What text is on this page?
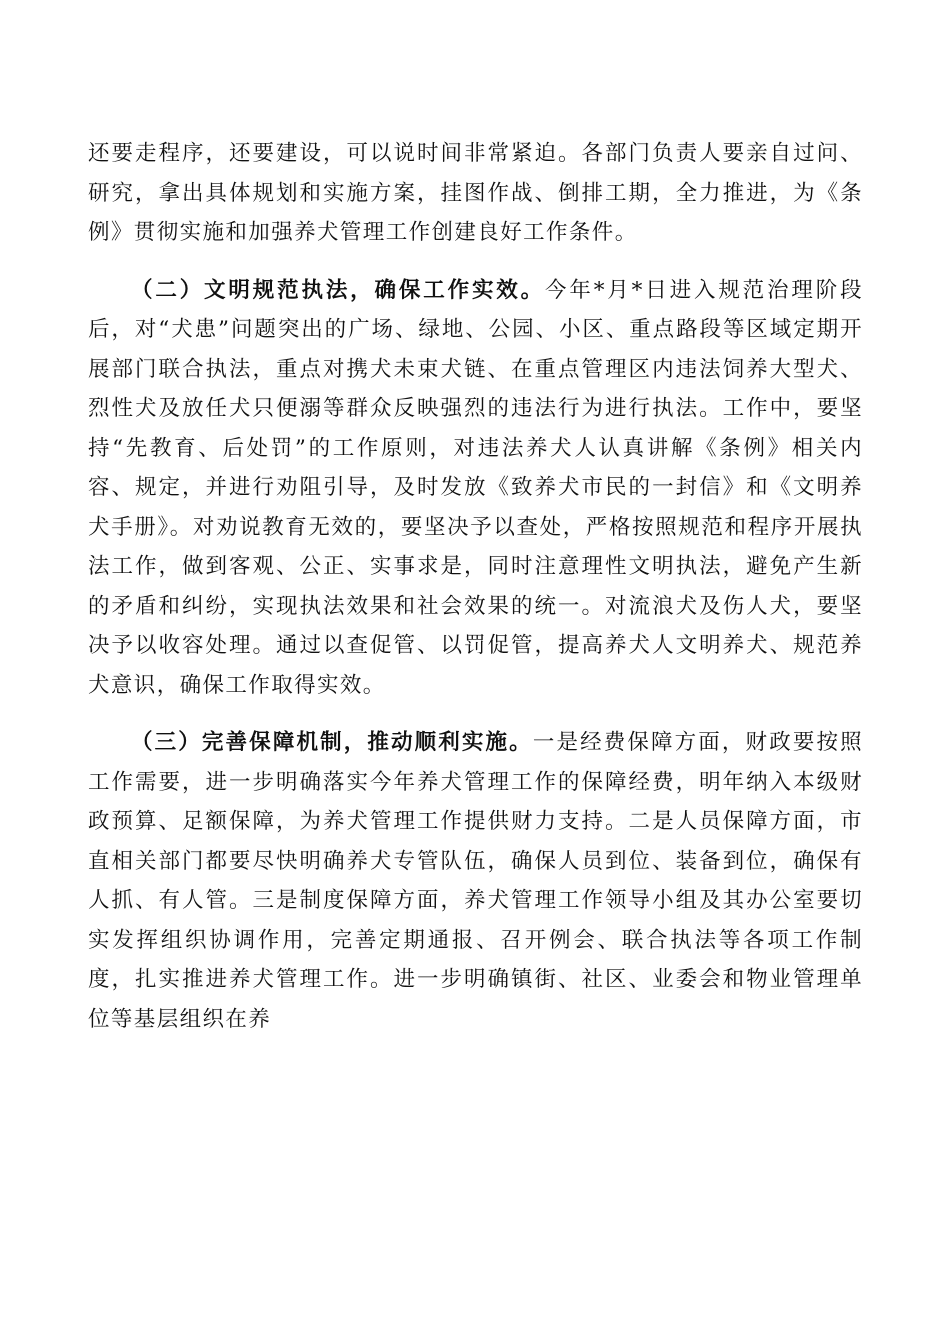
还要走程序，还要建设，可以说时间非常紧迫。各部门负责人要亲自过问、研究，拿出具体规划和实施方案，挂图作战、倒排工期，全力推进，为《条例》贯彻实施和加强养犬管理工作创建良好工作条件。

（二）文明规范执法，确保工作实效。今年*月*日进入规范治理阶段后，对“犬患”问题突出的广场、绿地、公园、小区、重点路段等区域定期开展部门联合执法，重点对携犬未束犬链、在重点管理区内违法饲养大型犬、烈性犬及放任犬只便溺等群众反映强烈的违法行为进行执法。工作中，要坚持“先教育、后处罚”的工作原则，对违法养犬人认真讲解《条例》相关内容、规定，并进行劝阻引导，及时发放《致养犬市民的一封信》和《文明养犬手册》。对劝说教育无效的，要坚决予以查处，严格按照规范和程序开展执法工作，做到客观、公正、实事求是，同时注意理性文明执法，避免产生新的矛盾和纠纷，实现执法效果和社会效果的统一。对流浪犬及伤人犬，要坚决予以收容处理。通过以查促管、以罚促管，提高养犬人文明养犬、规范养犬意识，确保工作取得实效。

（三）完善保障机制，推动顺利实施。一是经费保障方面，财政要按照工作需要，进一步明确落实今年养犬管理工作的保障经费，明年纳入本级财政预算、足额保障，为养犬管理工作提供财力支持。二是人员保障方面，市直相关部门都要尽快明确养犬专管队伍，确保人员到位、装备到位，确保有人抓、有人管。三是制度保障方面，养犬管理工作领导小组及其办公室要切实发挥组织协调作用，完善定期通报、召开例会、联合执法等各项工作制度，扎实推进养犬管理工作。进一步明确镇街、社区、业委会和物业管理单位等基层组织在养
